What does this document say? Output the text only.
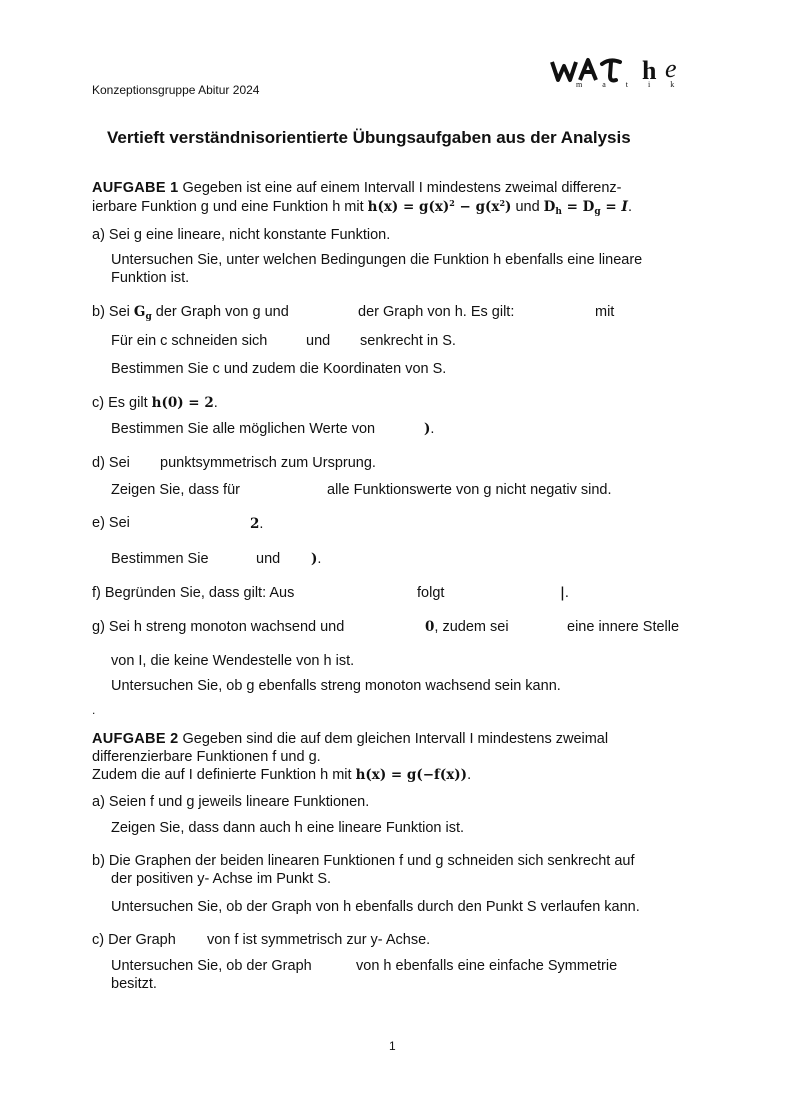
Konzeptionsgruppe Abitur 2024
h e
m a t i k
Vertieft verständnisorientierte Übungsaufgaben aus der Analysis
AUFGABE 1 Gegeben ist eine auf einem Intervall I mindestens zweimal differenz-
ierbare Funktion g und eine Funktion h mit $h(x) = g(x)^2 - g(x^2)$ und $D_h = D_g = I$.
a) Sei g eine lineare, nicht konstante Funktion.
Untersuchen Sie, unter welchen Bedingungen die Funktion h ebenfalls eine lineare
Funktion ist.
b) Sei $G_g$ der Graph von g und	der Graph von h. Es gilt:	mit
Für ein c schneiden sich	und senkrecht in S.
Bestimmen Sie c und zudem die Koordinaten von S.
c) Es gilt h(0) = 2.
Bestimmen Sie alle möglichen Werte von	).
d) Sei punktsymmetrisch zum Ursprung.
Zeigen Sie, dass für	alle Funktionswerte von g nicht negativ sind.
e) Sei	2.
Bestimmen Sie	und ).
f) Begründen Sie, dass gilt: Aus	folgt	|.
g) Sei h streng monoton wachsend und	0, zudem sei	eine innere Stelle
von I, die keine Wendestelle von h ist.
Untersuchen Sie, ob g ebenfalls streng monoton wachsend sein kann.
.
AUFGABE 2 Gegeben sind die auf dem gleichen Intervall I mindestens zweimal
differenzierbare Funktionen f und g.
Zudem die auf I definierte Funktion h mit h(x) = g(−f(x)).
a) Seien f und g jeweils lineare Funktionen.
Zeigen Sie, dass dann auch h eine lineare Funktion ist.
b) Die Graphen der beiden linearen Funktionen f und g schneiden sich senkrecht auf
der positiven y- Achse im Punkt S.
Untersuchen Sie, ob der Graph von h ebenfalls durch den Punkt S verlaufen kann.
c) Der Graph von f ist symmetrisch zur y- Achse.
Untersuchen Sie, ob der Graph	von h ebenfalls eine einfache Symmetrie
besitzt.
1
